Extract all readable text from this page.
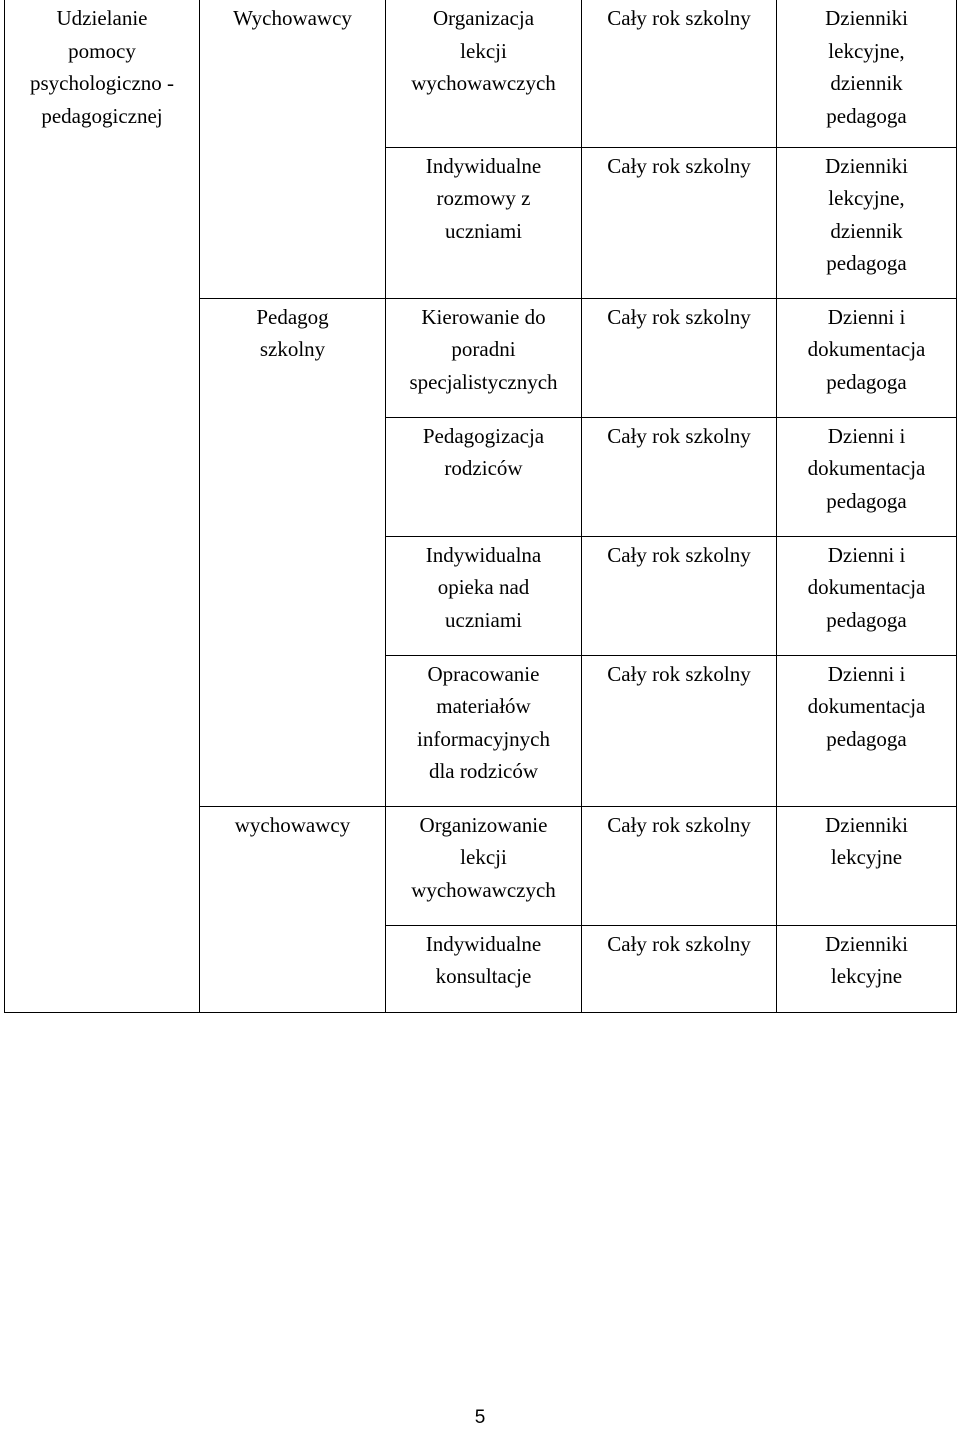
Udzielanie
pomocy
psychologiczno -
pedagogicznej	Wychowawcy	Organizacja
lekcji
wychowawczych	Cały rok szkolny	Dzienniki
lekcyjne,
dziennik
pedagoga

		Indywidualne
rozmowy z
uczniami	Cały rok szkolny	Dzienniki
lekcyjne,
dziennik
pedagoga

	Pedagog
szkolny	Kierowanie do
poradni
specjalistycznych	Cały rok szkolny	Dzienni i
dokumentacja
pedagoga

		Pedagogizacja
rodziców	Cały rok szkolny	Dzienni i
dokumentacja
pedagoga

		Indywidualna
opieka nad
uczniami	Cały rok szkolny	Dzienni i
dokumentacja
pedagoga

		Opracowanie
materiałów
informacyjnych
dla rodziców	Cały rok szkolny	Dzienni i
dokumentacja
pedagoga

	wychowawcy	Organizowanie
lekcji
wychowawczych	Cały rok szkolny	Dzienniki
lekcyjne

		Indywidualne
konsultacje	Cały rok szkolny	Dzienniki
lekcyjne
5
